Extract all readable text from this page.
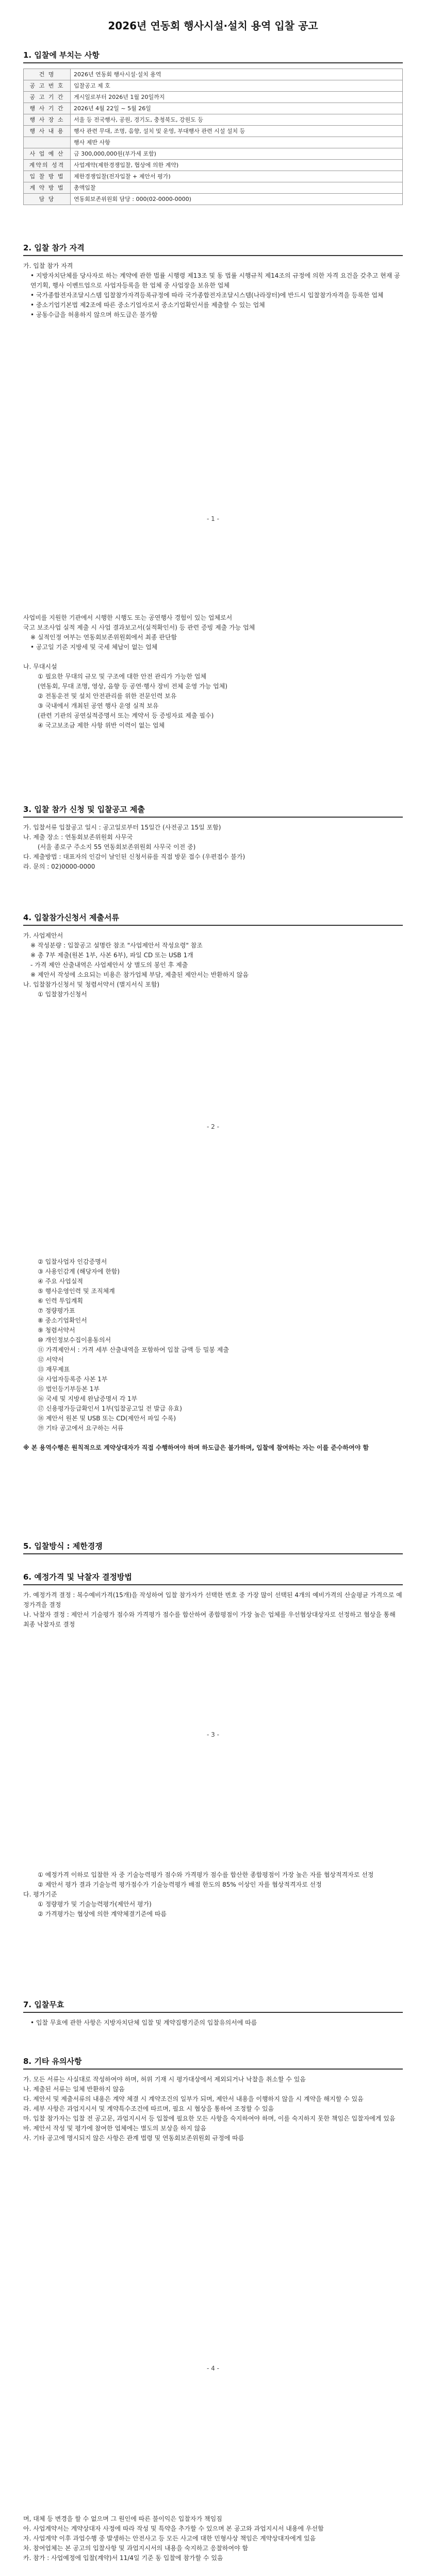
2026년 연동회 행사시설·설치 용역 입찰 공고

1. 입찰에 부치는 사항

건 명	2026년 연동회 행사시설·설치 용역
공 고 번 호	입찰공고 제 호
공 고 기 간	게시일로부터 2026년 1월 20일까지
행 사 기 간	2026년 4월 22일 ~ 5월 26일
행 사 장 소	서울 등 전국행사, 공원, 경기도, 충청북도, 강원도 등
행 사 내 용	행사 관련 무대, 조명, 음향, 설치 및 운영, 부대행사 관련 시설 설치 등
	행사 제반 사항
사 업 예 산	금 300,000,000원(부가세 포함)
계약의 성격	사업계약(제한경쟁입찰, 협상에 의한 계약)
입 찰 방 법	제한경쟁입찰(전자입찰 + 제안서 평가)
계 약 방 법	총액입찰
담 당	연동회보존위원회 담당 : 000(02-0000-0000)

2. 입찰 참가 자격

가. 입찰 참가 자격

• 지방자치단체를 당사자로 하는 계약에 관한 법률 시행령 제13조 및 동 법률 시행규칙 제14조의 규정에 의한 자격 요건을 갖추고 현재 공연기획, 행사 이벤트업으로 사업자등록을 한 업체 중 사업장을 보유한 업체

• 국가종합전자조달시스템 입찰참가자격등록규정에 따라 국가종합전자조달시스템(나라장터)에 반드시 입찰참가자격을 등록한 업체

• 중소기업기본법 제2조에 따른 중소기업자로서 중소기업확인서를 제출할 수 있는 업체

• 공동수급을 허용하지 않으며 하도급은 불가함

- 1 -

사업비를 지원한 기관에서 시행한 시행도 또는 공연행사 경험이 있는 업체로서

국고 보조사업 실적 제출 시 사업 결과보고서(실적확인서) 등 관련 증빙 제출 가능 업체

※ 실적인정 여부는 연동회보존위원회에서 최종 판단함

• 공고일 기준 지방세 및 국세 체납이 없는 업체

나. 무대시설

① 필요한 무대의 규모 및 구조에 대한 안전 관리가 가능한 업체

(연동회, 무대 조명, 영상, 음향 등 공연·행사 장비 전체 운영 가능 업체)

② 전동운전 및 설치 안전관리를 위한 전문인력 보유

③ 국내에서 개최된 공연 행사 운영 실적 보유

(관련 기관의 공연실적증명서 또는 계약서 등 증빙자료 제출 필수)

④ 국고보조금 제한 사항 위반 이력이 없는 업체

3. 입찰 참가 신청 및 입찰공고 제출

가. 입찰서류 입찰공고 일시 : 공고일로부터 15일간 (사전공고 15일 포함)

나. 제출 장소 : 연동회보존위원회 사무국

(서울 종로구 주소지 55 연동회보존위원회 사무국 이전 중)

다. 제출방법 : 대표자의 인감이 날인된 신청서류를 직접 방문 접수 (우편접수 불가)

라. 문의 : 02)0000-0000

4. 입찰참가신청서 제출서류

가. 사업제안서

※ 작성분량 : 입찰공고 설명란 참조 "사업제안서 작성요령" 참조

※ 총 7부 제출(원본 1부, 사본 6부), 파일 CD 또는 USB 1개

- 가격 제안 산출내역은 사업제안서 상 별도의 봉인 후 제출

※ 제안서 작성에 소요되는 비용은 참가업체 부담, 제출된 제안서는 반환하지 않음

나. 입찰참가신청서 및 청렴서약서 (별지서식 포함)

① 입찰참가신청서

- 2 -

② 입찰사업자 인감증명서

③ 사용인감계 (해당자에 한함)

④ 주요 사업실적

⑤ 행사운영인력 및 조직체계

⑥ 인력 투입계획

⑦ 정량평가표

⑧ 중소기업확인서

⑨ 청렴서약서

⑩ 개인정보수집이용동의서

⑪ 가격제안서 : 가격 세부 산출내역을 포함하여 입찰 금액 등 밀봉 제출

⑫ 서약서

⑬ 재무제표

⑭ 사업자등록증 사본 1부

⑮ 법인등기부등본 1부

⑯ 국세 및 지방세 완납증명서 각 1부

⑰ 신용평가등급확인서 1부(입찰공고일 전 발급 유효)

⑱ 제안서 원본 및 USB 또는 CD(제안서 파일 수록)

⑲ 기타 공고에서 요구하는 서류

※ 본 용역수행은 원칙적으로 계약상대자가 직접 수행하여야 하며 하도급은 불가하며, 입찰에 참여하는 자는 이를 준수하여야 함

5. 입찰방식 : 제한경쟁

6. 예정가격 및 낙찰자 결정방법

가. 예정가격 결정 : 복수예비가격(15개)을 작성하여 입찰 참가자가 선택한 번호 중 가장 많이 선택된 4개의 예비가격의 산술평균 가격으로 예정가격을 결정

나. 낙찰자 결정 : 제안서 기술평가 점수와 가격평가 점수를 합산하여 종합평점이 가장 높은 업체를 우선협상대상자로 선정하고 협상을 통해 최종 낙찰자로 결정

- 3 -

① 예정가격 이하로 입찰한 자 중 기술능력평가 점수와 가격평가 점수를 합산한 종합평점이 가장 높은 자를 협상적격자로 선정

② 제안서 평가 결과 기술능력 평가점수가 기술능력평가 배점 한도의 85% 이상인 자를 협상적격자로 선정

다. 평가기준

① 정량평가 및 기술능력평가(제안서 평가)

② 가격평가는 협상에 의한 계약체결기준에 따름

7. 입찰무효

• 입찰 무효에 관한 사항은 지방자치단체 입찰 및 계약집행기준의 입찰유의서에 따름

8. 기타 유의사항

가. 모든 서류는 사실대로 작성하여야 하며, 허위 기재 시 평가대상에서 제외되거나 낙찰을 취소할 수 있음

나. 제출된 서류는 일체 반환하지 않음

다. 제안서 및 제출서류의 내용은 계약 체결 시 계약조건의 일부가 되며, 제안서 내용을 이행하지 않을 시 계약을 해지할 수 있음

라. 세부 사항은 과업지시서 및 계약특수조건에 따르며, 필요 시 협상을 통하여 조정할 수 있음

마. 입찰 참가자는 입찰 전 공고문, 과업지시서 등 입찰에 필요한 모든 사항을 숙지하여야 하며, 이를 숙지하지 못한 책임은 입찰자에게 있음

바. 제안서 작성 및 평가에 참여한 업체에는 별도의 보상을 하지 않음

사. 기타 공고에 명시되지 않은 사항은 관계 법령 및 연동회보존위원회 규정에 따름

- 4 -

며, 대체 등 변경을 할 수 없으며 그 원인에 따른 불이익은 입찰자가 책임짐

아. 사업계약서는 계약상대자 사정에 따라 작성 및 특약을 추가할 수 있으며 본 공고와 과업지시서 내용에 우선함

자. 사업계약 이후 과업수행 중 발생하는 안전사고 등 모든 사고에 대한 민형사상 책임은 계약상대자에게 있음

차. 참여업체는 본 공고의 입찰사항 및 과업지시서의 내용을 숙지하고 응찰하여야 함

카. 참가 : 사업예정에 입찰(계약)서 11/4일 기준 동 입찰에 참가할 수 있음
